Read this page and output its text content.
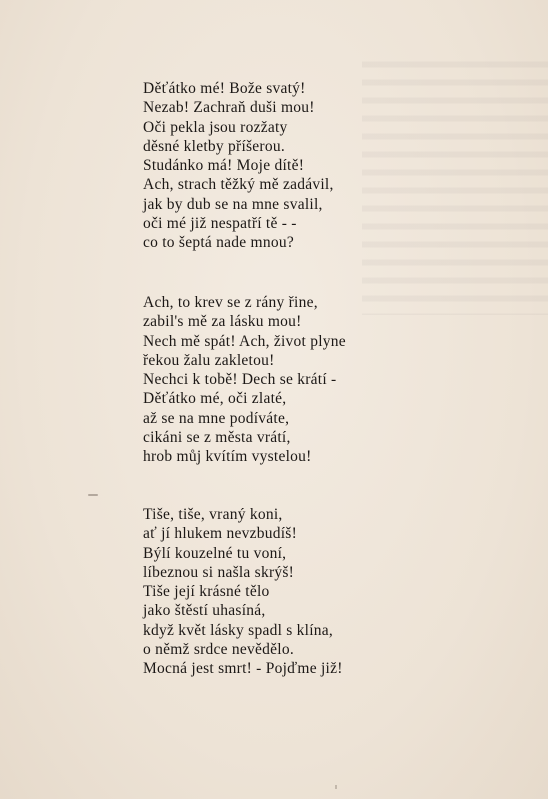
Děťátko mé! Bože svatý!
Nezab! Zachraň duši mou!
Oči pekla jsou rozžaty
děsné kletby příšerou.
Studánko má! Moje dítě!
Ach, strach těžký mě zadávil,
jak by dub se na mne svalil,
oči mé již nespatří tě - -
co to šeptá nade mnou?
Ach, to krev se z rány řine,
zabil's mě za lásku mou!
Nech mě spát! Ach, život plyne
řekou žalu zakletou!
Nechci k tobě! Dech se krátí -
Děťátko mé, oči zlaté,
až se na mne podíváte,
cikáni se z města vrátí,
hrob můj kvítím vystelou!
Tiše, tiše, vraný koni,
ať jí hlukem nevzbudíš!
Býlí kouzelné tu voní,
líbeznou si našla skrýš!
Tiše její krásné tělo
jako štěstí uhasíná,
když květ lásky spadl s klína,
o němž srdce nevědělo.
Mocná jest smrt! - Pojďme již!
